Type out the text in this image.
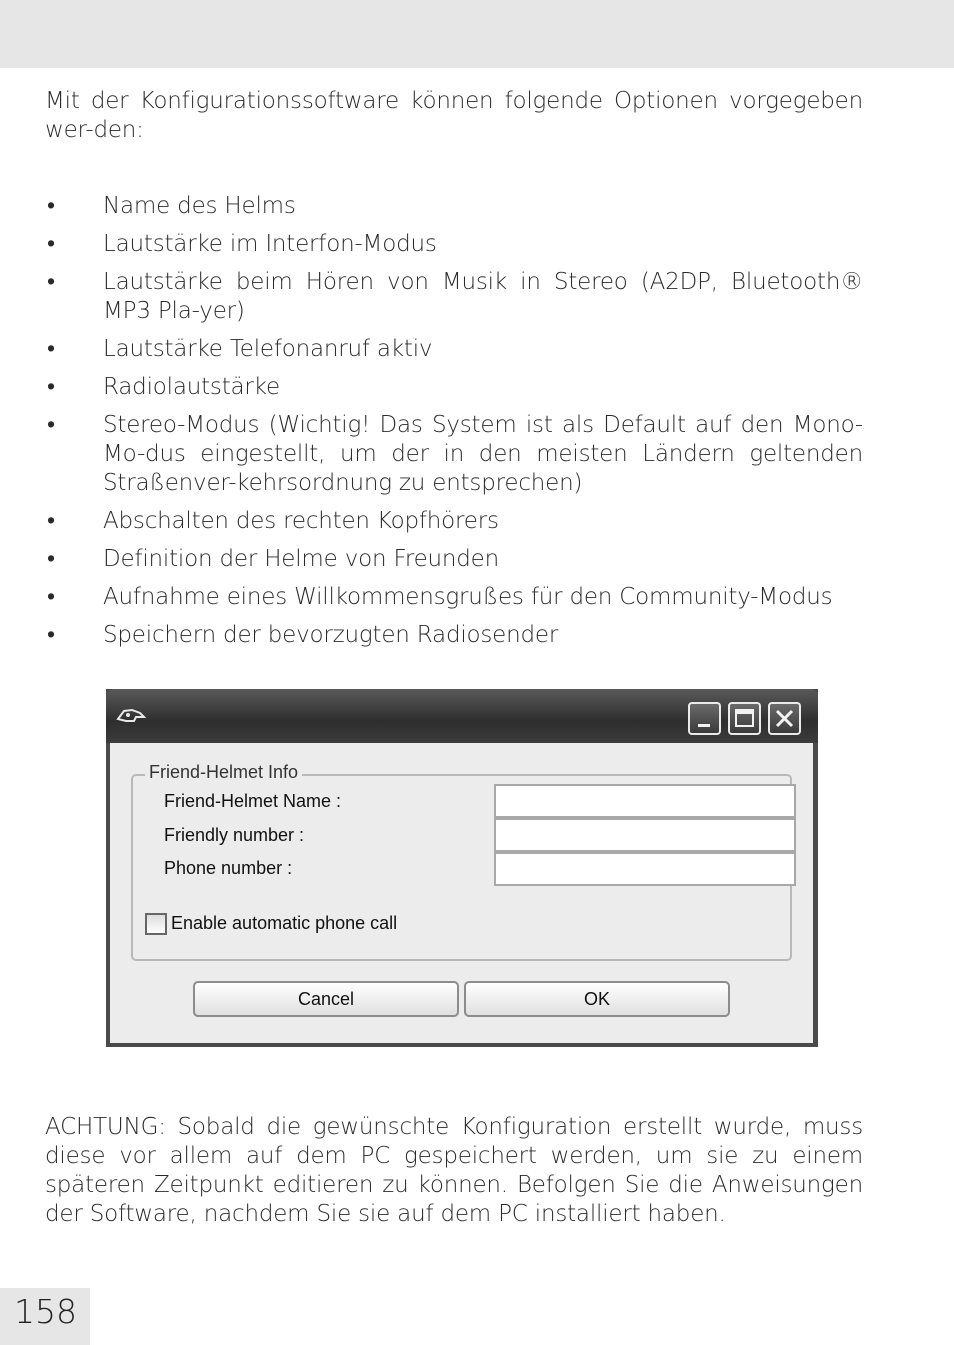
Mit der Konfigurationssoftware können folgende Optionen vorgegeben wer-den:

•	Name des Helms
•	Lautstärke im Interfon-Modus
•	Lautstärke beim Hören von Musik in Stereo (A2DP, Bluetooth® MP3 Pla-yer)
•	Lautstärke Telefonanruf aktiv
•	Radiolautstärke
•	Stereo-Modus (Wichtig! Das System ist als Default auf den Mono-Mo-dus eingestellt, um der in den meisten Ländern geltenden Straßenver-kehrsordnung zu entsprechen)
•	Abschalten des rechten Kopfhörers
•	Definition der Helme von Freunden
•	Aufnahme eines Willkommensgrußes für den Community-Modus
•	Speichern der bevorzugten Radiosender
Friend-Helmet Info
Friend-Helmet Name :
Friendly number :
Phone number :
Enable automatic phone call
Cancel	OK

ACHTUNG: Sobald die gewünschte Konfiguration erstellt wurde, muss diese vor allem auf dem PC gespeichert werden, um sie zu einem späteren Zeitpunkt editieren zu können. Befolgen Sie die Anweisungen der Software, nachdem Sie sie auf dem PC installiert haben.

158
